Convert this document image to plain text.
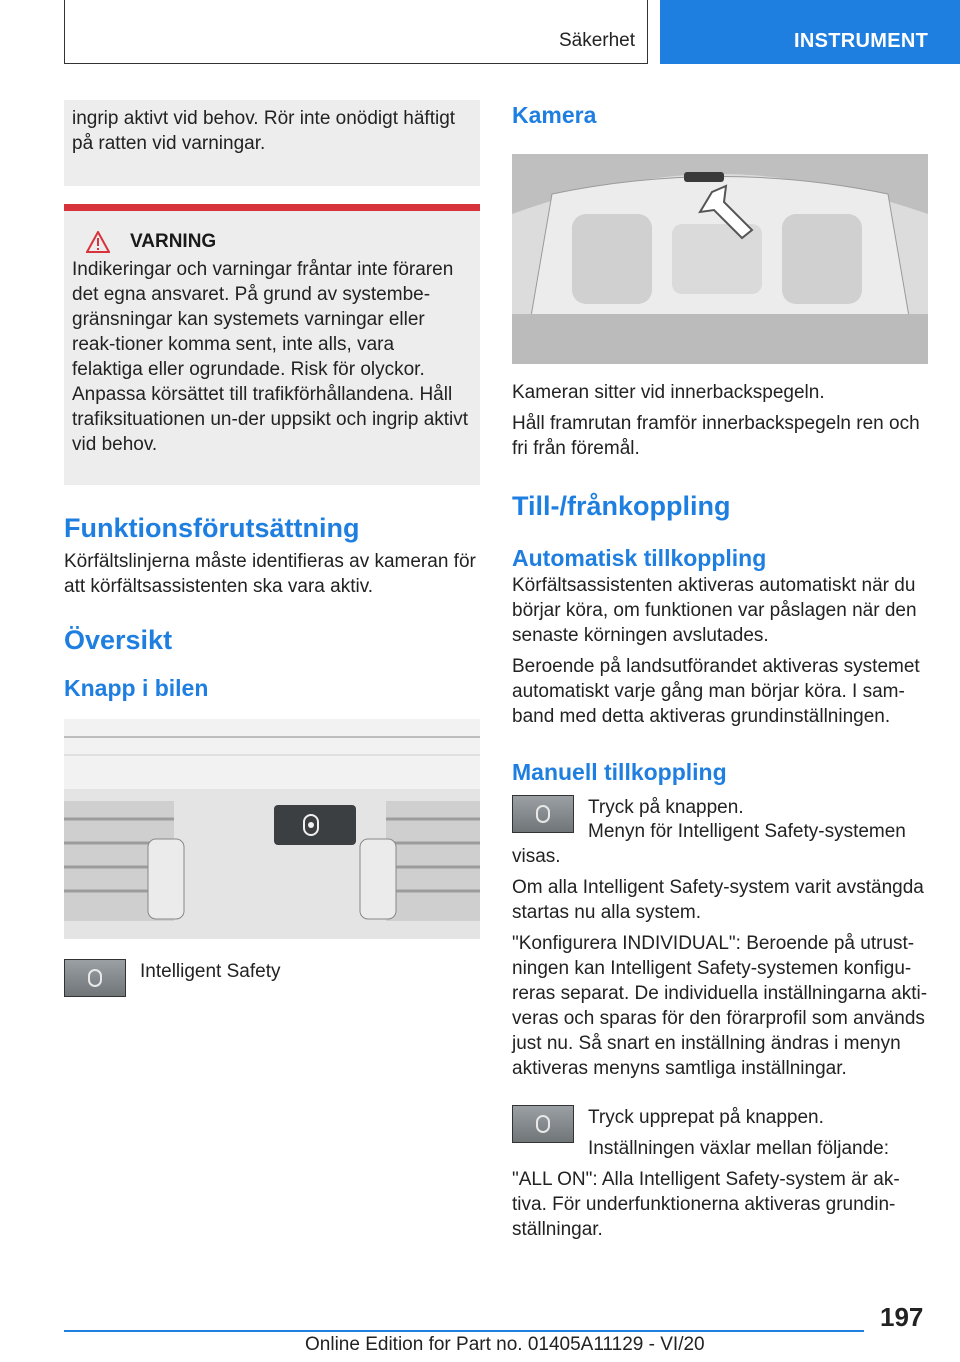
Säkerhet	INSTRUMENT

ingrip aktivt vid behov. Rör inte onödigt häftigt på ratten vid varningar.

VARNING

Indikeringar och varningar fråntar inte föraren det egna ansvaret. På grund av systembe-gränsningar kan systemets varningar eller reak-tioner komma sent, inte alls, vara felaktiga eller ogrundade. Risk för olyckor. Anpassa körsättet till trafikförhållandena. Håll trafiksituationen un-der uppsikt och ingrip aktivt vid behov.

Funktionsförutsättning

Körfältslinjerna måste identifieras av kameran för att körfältsassistenten ska vara aktiv.

Översikt
Knapp i bilen

Intelligent Safety

Kamera

Kameran sitter vid innerbackspegeln.

Håll framrutan framför innerbackspegeln ren och fri från föremål.

Till-/frånkoppling
Automatisk tillkoppling

Körfältsassistenten aktiveras automatiskt när du börjar köra, om funktionen var påslagen när den senaste körningen avslutades.

Beroende på landsutförandet aktiveras systemet automatiskt varje gång man börjar köra. I sam-band med detta aktiveras grundinställningen.

Manuell tillkoppling

Tryck på knappen.

Menyn för Intelligent Safety-systemen visas.

Om alla Intelligent Safety-system varit avstängda startas nu alla system.

"Konfigurera INDIVIDUAL": Beroende på utrust-ningen kan Intelligent Safety-systemen konfigu-reras separat. De individuella inställningarna akti-veras och sparas för den förarprofil som används just nu. Så snart en inställning ändras i menyn aktiveras menyns samtliga inställningar.

Tryck upprepat på knappen.

Inställningen växlar mellan följande:

"ALL ON": Alla Intelligent Safety-system är ak-tiva. För underfunktionerna aktiveras grundin-ställningar.

197
Online Edition for Part no. 01405A11129 - VI/20
